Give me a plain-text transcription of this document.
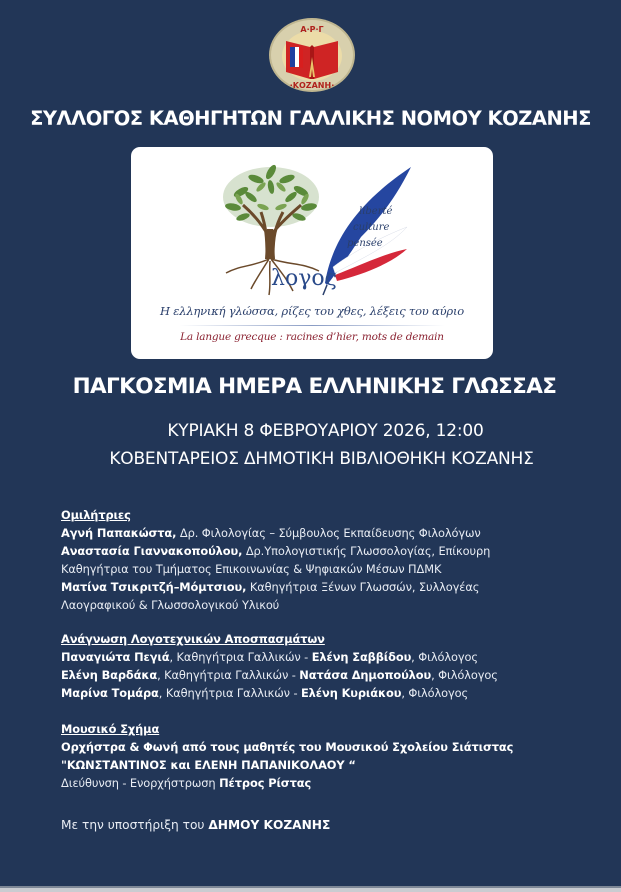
Α·Ρ·Γ
·ΚΟΖΑΝΗ·
ΣΥΛΛΟΓΟΣ ΚΑΘΗΓΗΤΩΝ ΓΑΛΛΙΚΗΣ ΝΟΜΟΥ ΚΟΖΑΝΗΣ
liberté
culture
pensée
λογος
Η ελληνική γλώσσα, ρίζες του χθες, λέξεις του αύριο
La langue grecque : racines d’hier, mots de demain
ΠΑΓΚΟΣΜΙΑ ΗΜΕΡΑ ΕΛΛΗΝΙΚΗΣ ΓΛΩΣΣΑΣ
ΚΥΡΙΑΚΗ 8 ΦΕΒΡΟΥΑΡΙΟΥ 2026, 12:00
ΚΟΒΕΝΤΑΡΕΙΟΣ ΔΗΜΟΤΙΚΗ ΒΙΒΛΙΟΘΗΚΗ ΚΟΖΑΝΗΣ
Ομιλήτριες
Αγνή Παπακώστα, Δρ. Φιλολογίας – Σύμβουλος Εκπαίδευσης Φιλολόγων
Αναστασία Γιαννακοπούλου, Δρ.Υπολογιστικής Γλωσσολογίας, Επίκουρη
Καθηγήτρια του Τμήματος Επικοινωνίας & Ψηφιακών Μέσων ΠΔΜΚ
Ματίνα Τσικριτζή–Μόμτσιου, Καθηγήτρια Ξένων Γλωσσών, Συλλογέας
Λαογραφικού & Γλωσσολογικού Υλικού
Ανάγνωση Λογοτεχνικών Αποσπασμάτων
Παναγιώτα Πεγιά, Καθηγήτρια Γαλλικών - Ελένη Σαββίδου, Φιλόλογος
Ελένη Βαρδάκα, Καθηγήτρια Γαλλικών - Νατάσα Δημοπούλου, Φιλόλογος
Μαρίνα Τομάρα, Καθηγήτρια Γαλλικών - Ελένη Κυριάκου, Φιλόλογος
Μουσικό Σχήμα
Ορχήστρα & Φωνή από τους μαθητές του Μουσικού Σχολείου Σιάτιστας
"ΚΩΝΣΤΑΝΤΙΝΟΣ και ΕΛΕΝΗ ΠΑΠΑΝΙΚΟΛΑΟΥ “
Διεύθυνση - Ενορχήστρωση Πέτρος Ρίστας
Με την υποστήριξη του ΔΗΜΟΥ ΚΟΖΑΝΗΣ
